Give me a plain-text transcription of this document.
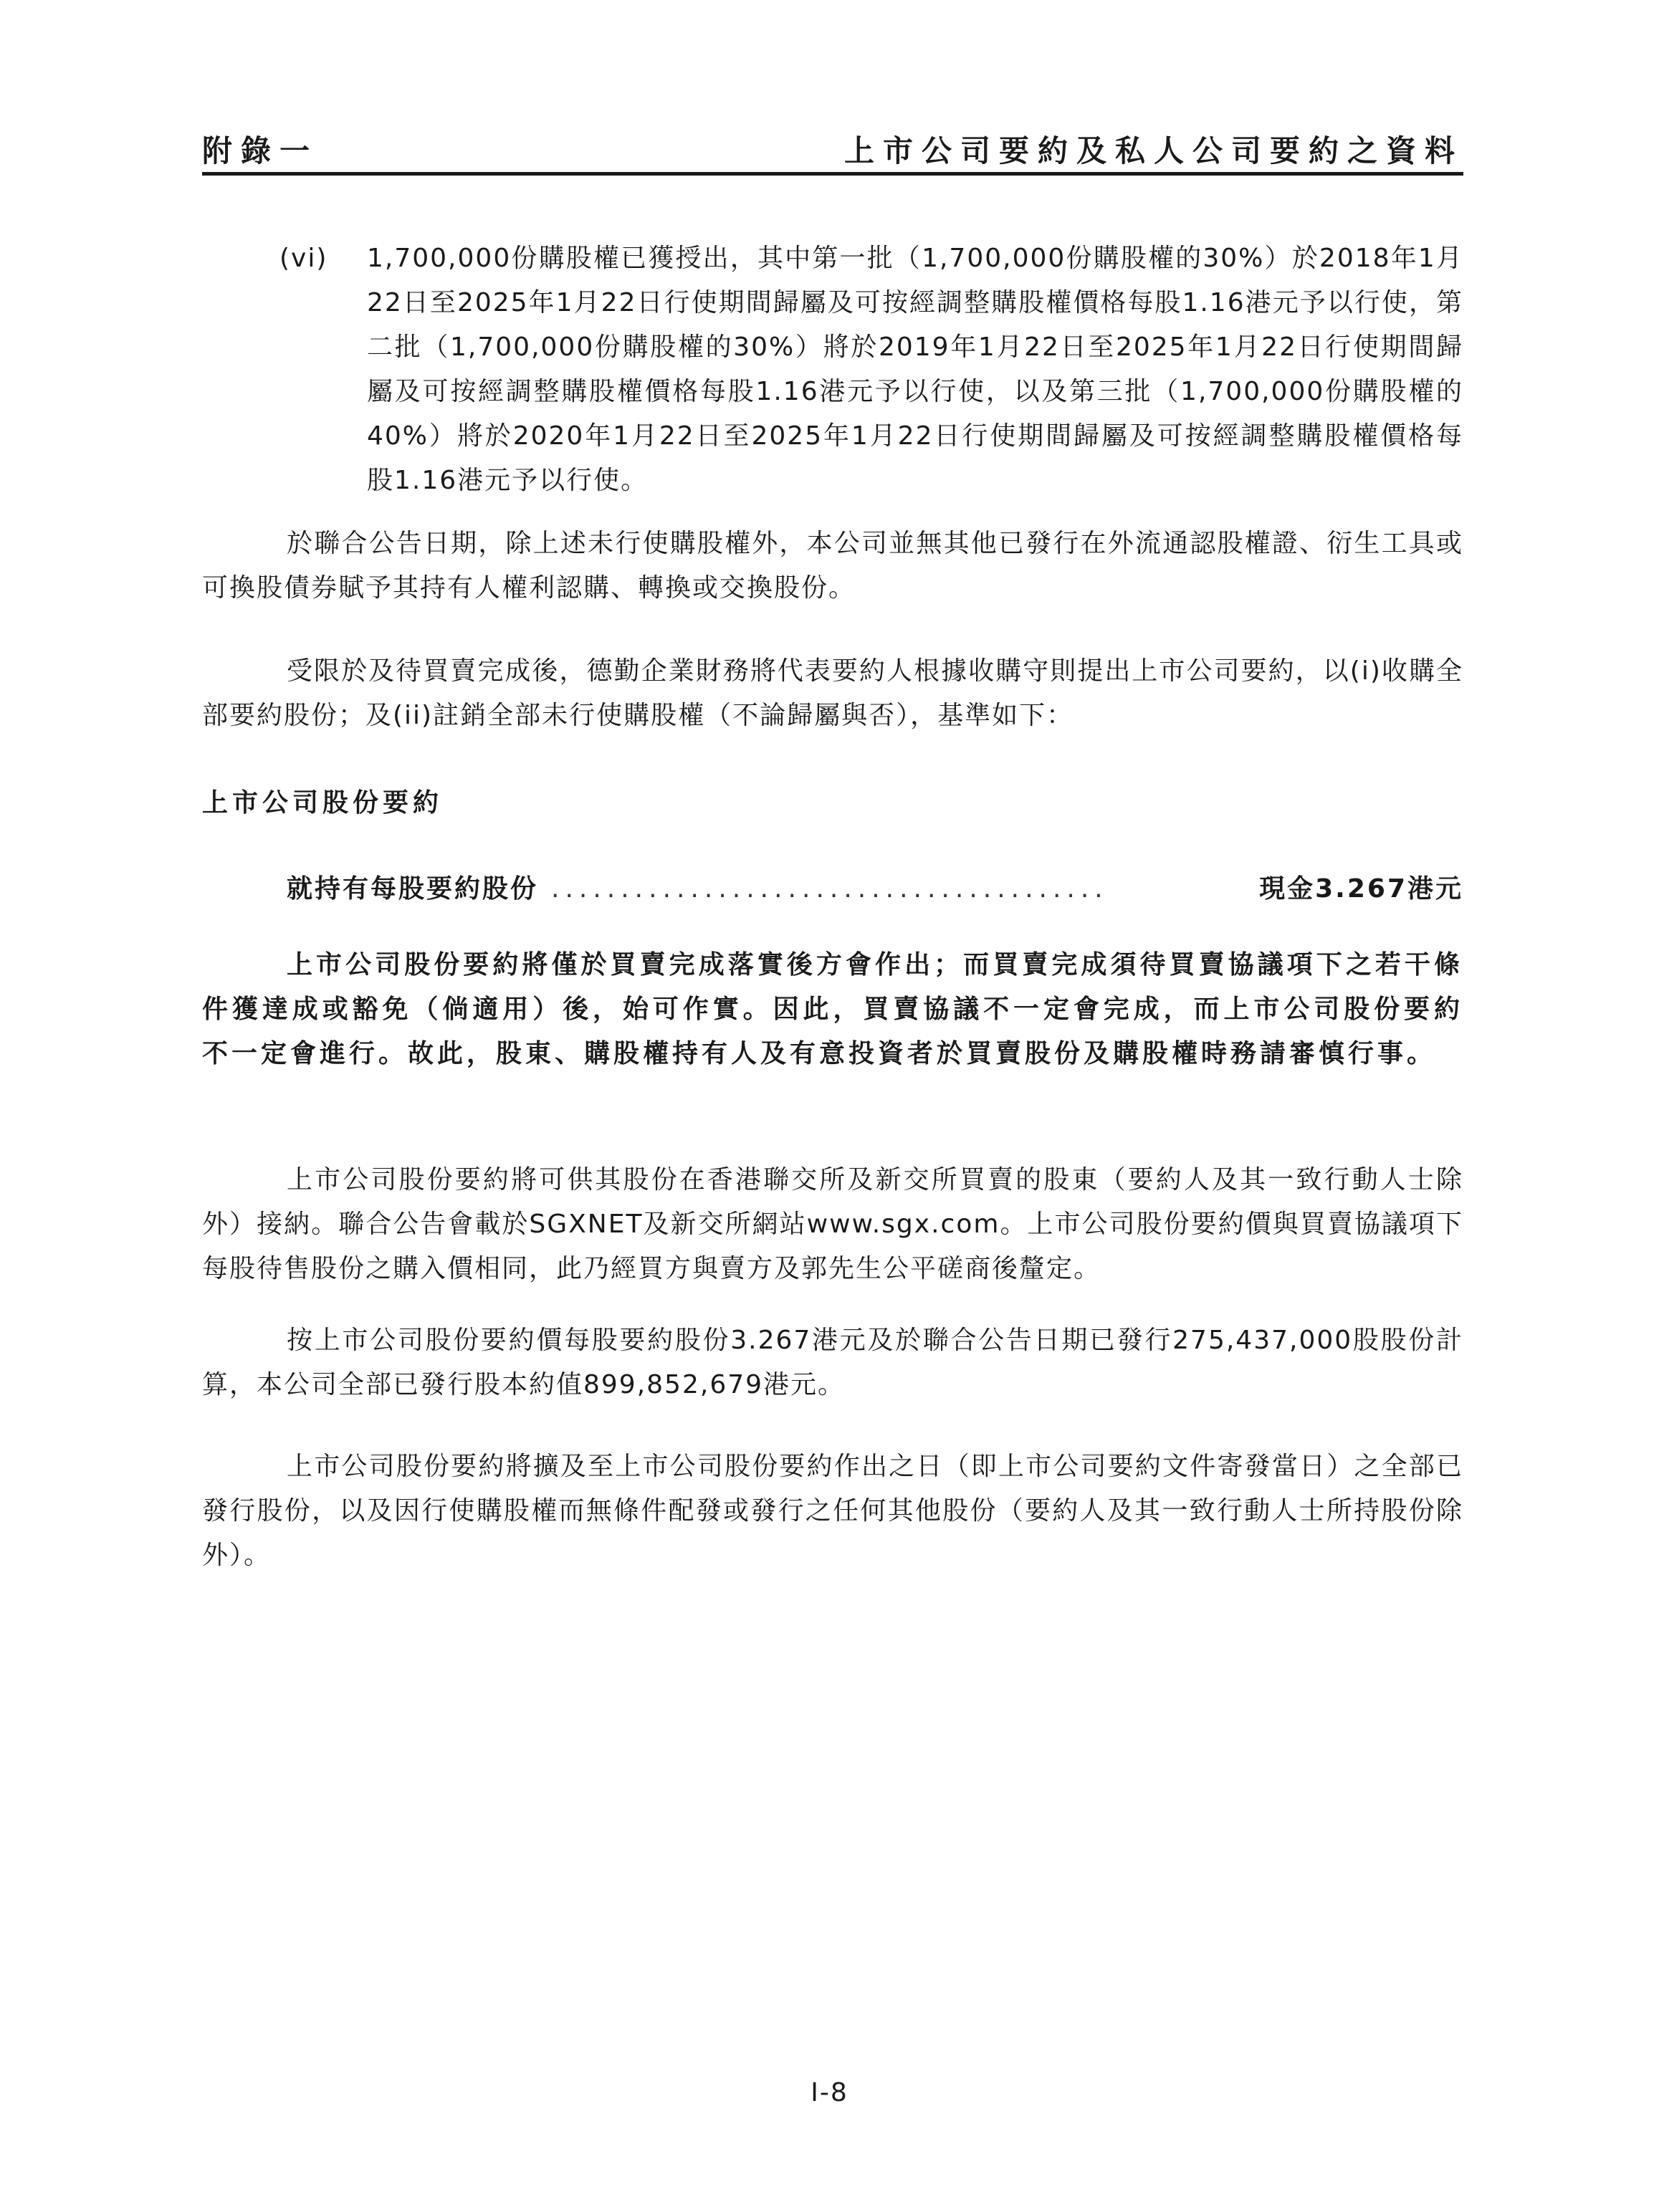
附錄一	上市公司要約及私人公司要約之資料
(vi)	1,700,000份購股權已獲授出，其中第一批（1,700,000份購股權的30%）於2018年1月22日至2025年1月22日行使期間歸屬及可按經調整購股權價格每股1.16港元予以行使，第二批（1,700,000份購股權的30%）將於2019年1月22日至2025年1月22日行使期間歸屬及可按經調整購股權價格每股1.16港元予以行使，以及第三批（1,700,000份購股權的40%）將於2020年1月22日至2025年1月22日行使期間歸屬及可按經調整購股權價格每股1.16港元予以行使。

於聯合公告日期，除上述未行使購股權外，本公司並無其他已發行在外流通認股權證、衍生工具或可換股債券賦予其持有人權利認購、轉換或交換股份。

受限於及待買賣完成後，德勤企業財務將代表要約人根據收購守則提出上市公司要約，以(i)收購全部要約股份；及(ii)註銷全部未行使購股權（不論歸屬與否），基準如下：

上市公司股份要約
就持有每股要約股份 ........................................	現金3.267港元

上市公司股份要約將僅於買賣完成落實後方會作出；而買賣完成須待買賣協議項下之若干條件獲達成或豁免（倘適用）後，始可作實。因此，買賣協議不一定會完成，而上市公司股份要約不一定會進行。故此，股東、購股權持有人及有意投資者於買賣股份及購股權時務請審慎行事。

上市公司股份要約將可供其股份在香港聯交所及新交所買賣的股東（要約人及其一致行動人士除外）接納。聯合公告會載於SGXNET及新交所網站www.sgx.com。上市公司股份要約價與買賣協議項下每股待售股份之購入價相同，此乃經買方與賣方及郭先生公平磋商後釐定。

按上市公司股份要約價每股要約股份3.267港元及於聯合公告日期已發行275,437,000股股份計算，本公司全部已發行股本約值899,852,679港元。

上市公司股份要約將擴及至上市公司股份要約作出之日（即上市公司要約文件寄發當日）之全部已發行股份，以及因行使購股權而無條件配發或發行之任何其他股份（要約人及其一致行動人士所持股份除外）。

I-8
